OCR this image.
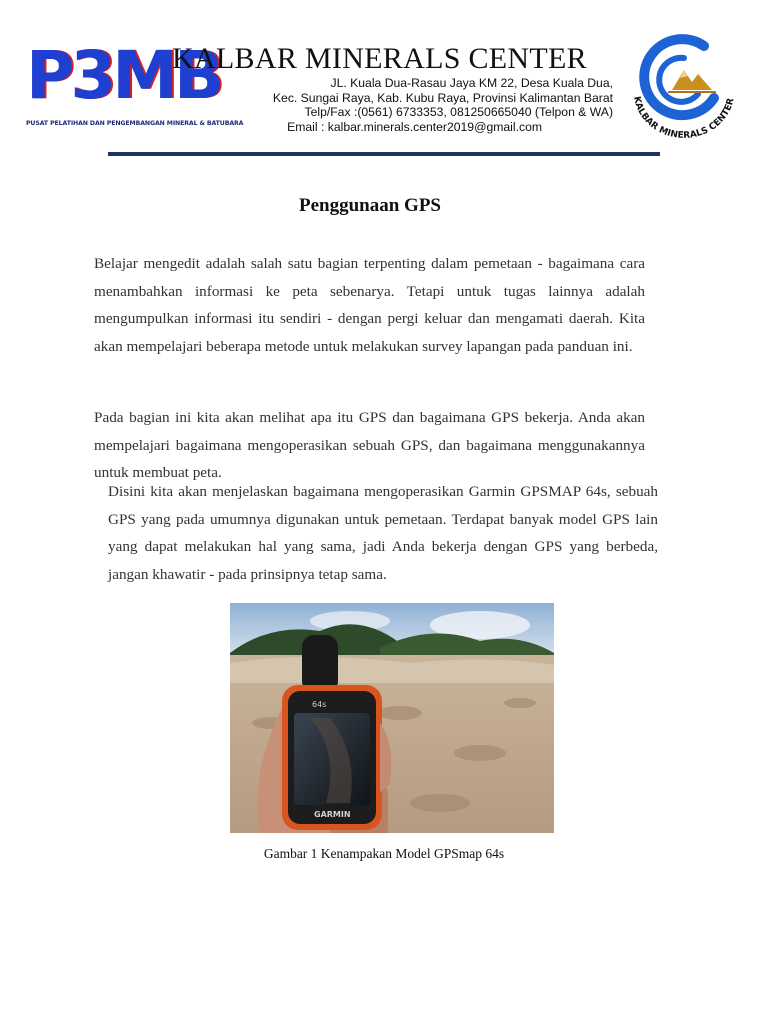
P3MB
PUSAT PELATIHAN DAN PENGEMBANGAN MINERAL & BATUBARA
KALBAR MINERALS CENTER
JL. Kuala Dua-Rasau Jaya KM 22, Desa Kuala Dua,
Kec. Sungai Raya, Kab. Kubu Raya, Provinsi Kalimantan Barat
Telp/Fax :(0561) 6733353, 081250665040 (Telpon & WA)
Email : kalbar.minerals.center2019@gmail.com
KALBAR MINERALS CENTER
Penggunaan GPS

Belajar mengedit adalah salah satu bagian terpenting dalam pemetaan - bagaimana cara menambahkan informasi ke peta sebenarya. Tetapi untuk tugas lainnya adalah mengumpulkan informasi itu sendiri - dengan pergi keluar dan mengamati daerah. Kita akan mempelajari beberapa metode untuk melakukan survey lapangan pada panduan ini.

Pada bagian ini kita akan melihat apa itu GPS dan bagaimana GPS bekerja. Anda akan mempelajari bagaimana mengoperasikan sebuah GPS, dan bagaimana menggunakannya untuk membuat peta.

Disini kita akan menjelaskan bagaimana mengoperasikan Garmin GPSMAP 64s, sebuah GPS yang pada umumnya digunakan untuk pemetaan. Terdapat banyak model GPS lain yang dapat melakukan hal yang sama, jadi Anda bekerja dengan GPS yang berbeda, jangan khawatir - pada prinsipnya tetap sama.

64s
GARMIN
Gambar 1 Kenampakan Model GPSmap 64s
